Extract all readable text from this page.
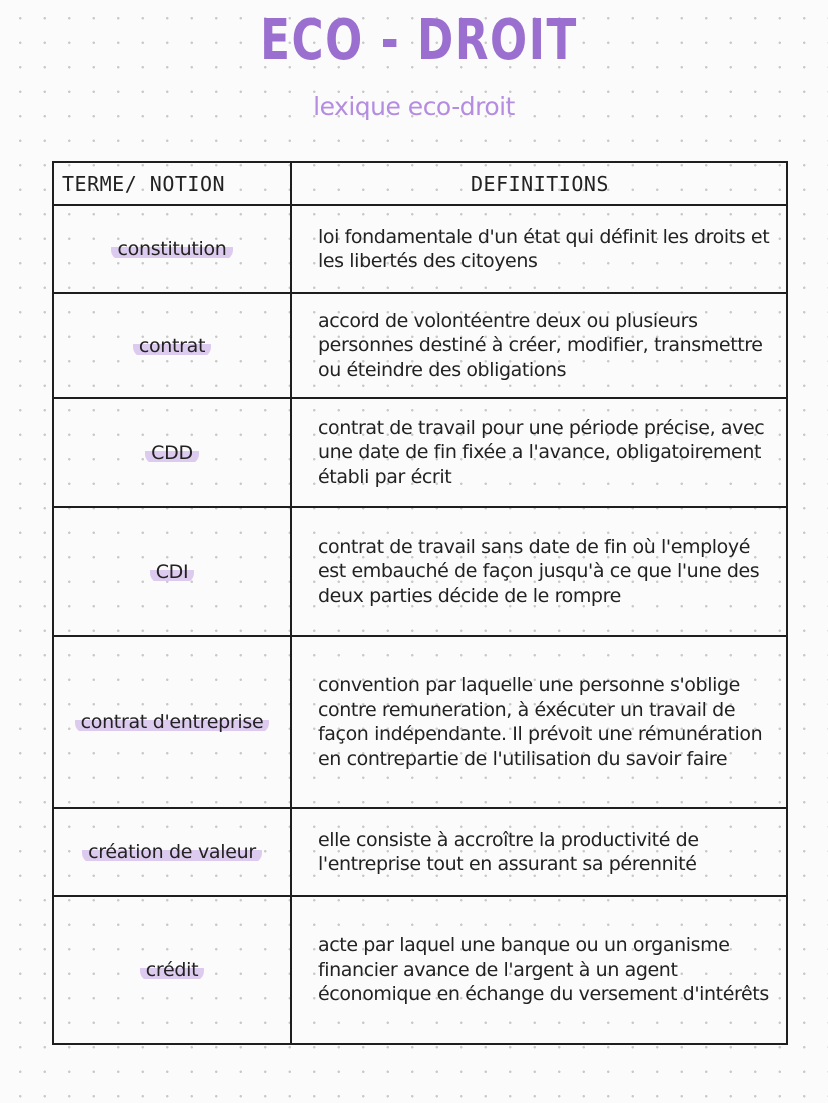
ECO - DROIT
lexique eco-droit
TERME/ NOTION	DEFINITIONS
constitution
loi fondamentale d'un état qui définit les droits et les libertés des citoyens
contrat
accord de volontéentre deux ou plusieurs personnes destiné à créer, modifier, transmettre ou éteindre des obligations
CDD
contrat de travail pour une période précise, avec une date de fin fixée a l'avance, obligatoirement établi par écrit
CDI
contrat de travail sans date de fin où l'employé est embauché de façon jusqu'à ce que l'une des deux parties décide de le rompre
contrat d'entreprise
convention par laquelle une personne s'oblige contre remuneration, à éxécuter un travail de façon indépendante. Il prévoit une rémunération en contrepartie de l'utilisation du savoir faire
création de valeur
elle consiste à accroître la productivité de l'entreprise tout en assurant sa pérennité
crédit
acte par laquel une banque ou un organisme financier avance de l'argent à un agent économique en échange du versement d'intérêts
